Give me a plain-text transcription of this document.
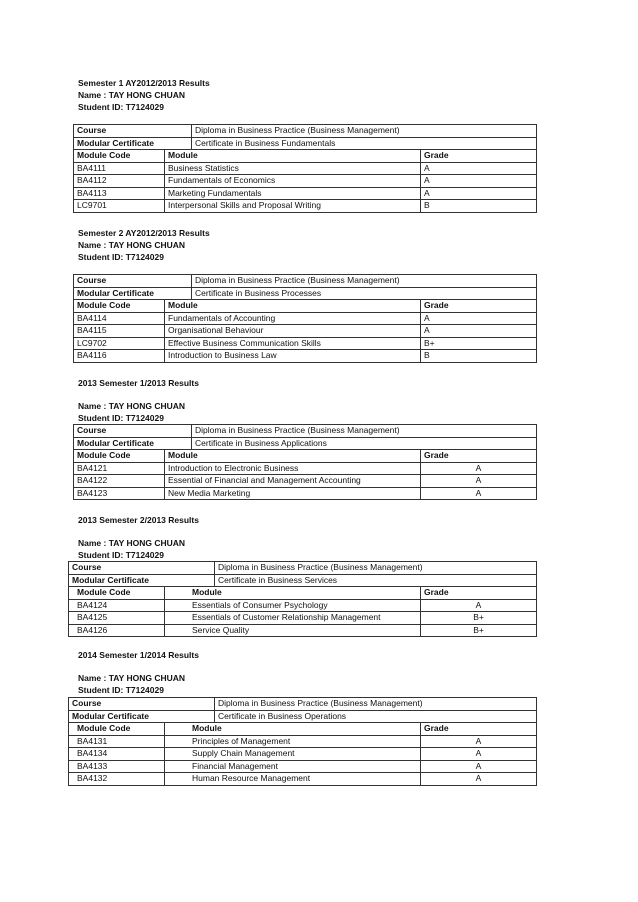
Semester 1 AY2012/2013 Results
Name : TAY HONG CHUAN
Student ID: T7124029
Course		Diploma in Business Practice (Business Management)	
Modular Certificate		Certificate in Business Fundamentals	
Module Code	Module		Grade
BA4111	Business Statistics		A
BA4112	Fundamentals of Economics		A
BA4113	Marketing Fundamentals		A
LC9701	Interpersonal Skills and Proposal Writing		B
Semester 2 AY2012/2013 Results
Name : TAY HONG CHUAN
Student ID: T7124029
Course		Diploma in Business Practice (Business Management)	
Modular Certificate		Certificate in Business Processes	
Module Code	Module		Grade
BA4114	Fundamentals of Accounting		A
BA4115	Organisational Behaviour		A
LC9702	Effective Business Communication Skills		B+
BA4116	Introduction to Business Law		B
2013 Semester 1/2013 Results
Name : TAY HONG CHUAN
Student ID: T7124029
Course		Diploma in Business Practice (Business Management)	
Modular Certificate		Certificate in Business Applications	
Module Code	Module		Grade
BA4121	Introduction to Electronic Business		A
BA4122	Essential of Financial and Management Accounting		A
BA4123	New Media Marketing		A
2013 Semester 2/2013 Results
Name : TAY HONG CHUAN
Student ID: T7124029
Course		Diploma in Business Practice (Business Management)	
Modular Certificate		Certificate in Business Services	
Module Code	Module		Grade
BA4124	Essentials of Consumer Psychology		A
BA4125	Essentials of Customer Relationship Management		B+
BA4126	Service Quality		B+
2014 Semester 1/2014 Results
Name : TAY HONG CHUAN
Student ID: T7124029
Course		Diploma in Business Practice (Business Management)	
Modular Certificate		Certificate in Business Operations	
Module Code	Module		Grade
BA4131	Principles of Management		A
BA4134	Supply Chain Management		A
BA4133	Financial Management		A
BA4132	Human Resource Management		A
